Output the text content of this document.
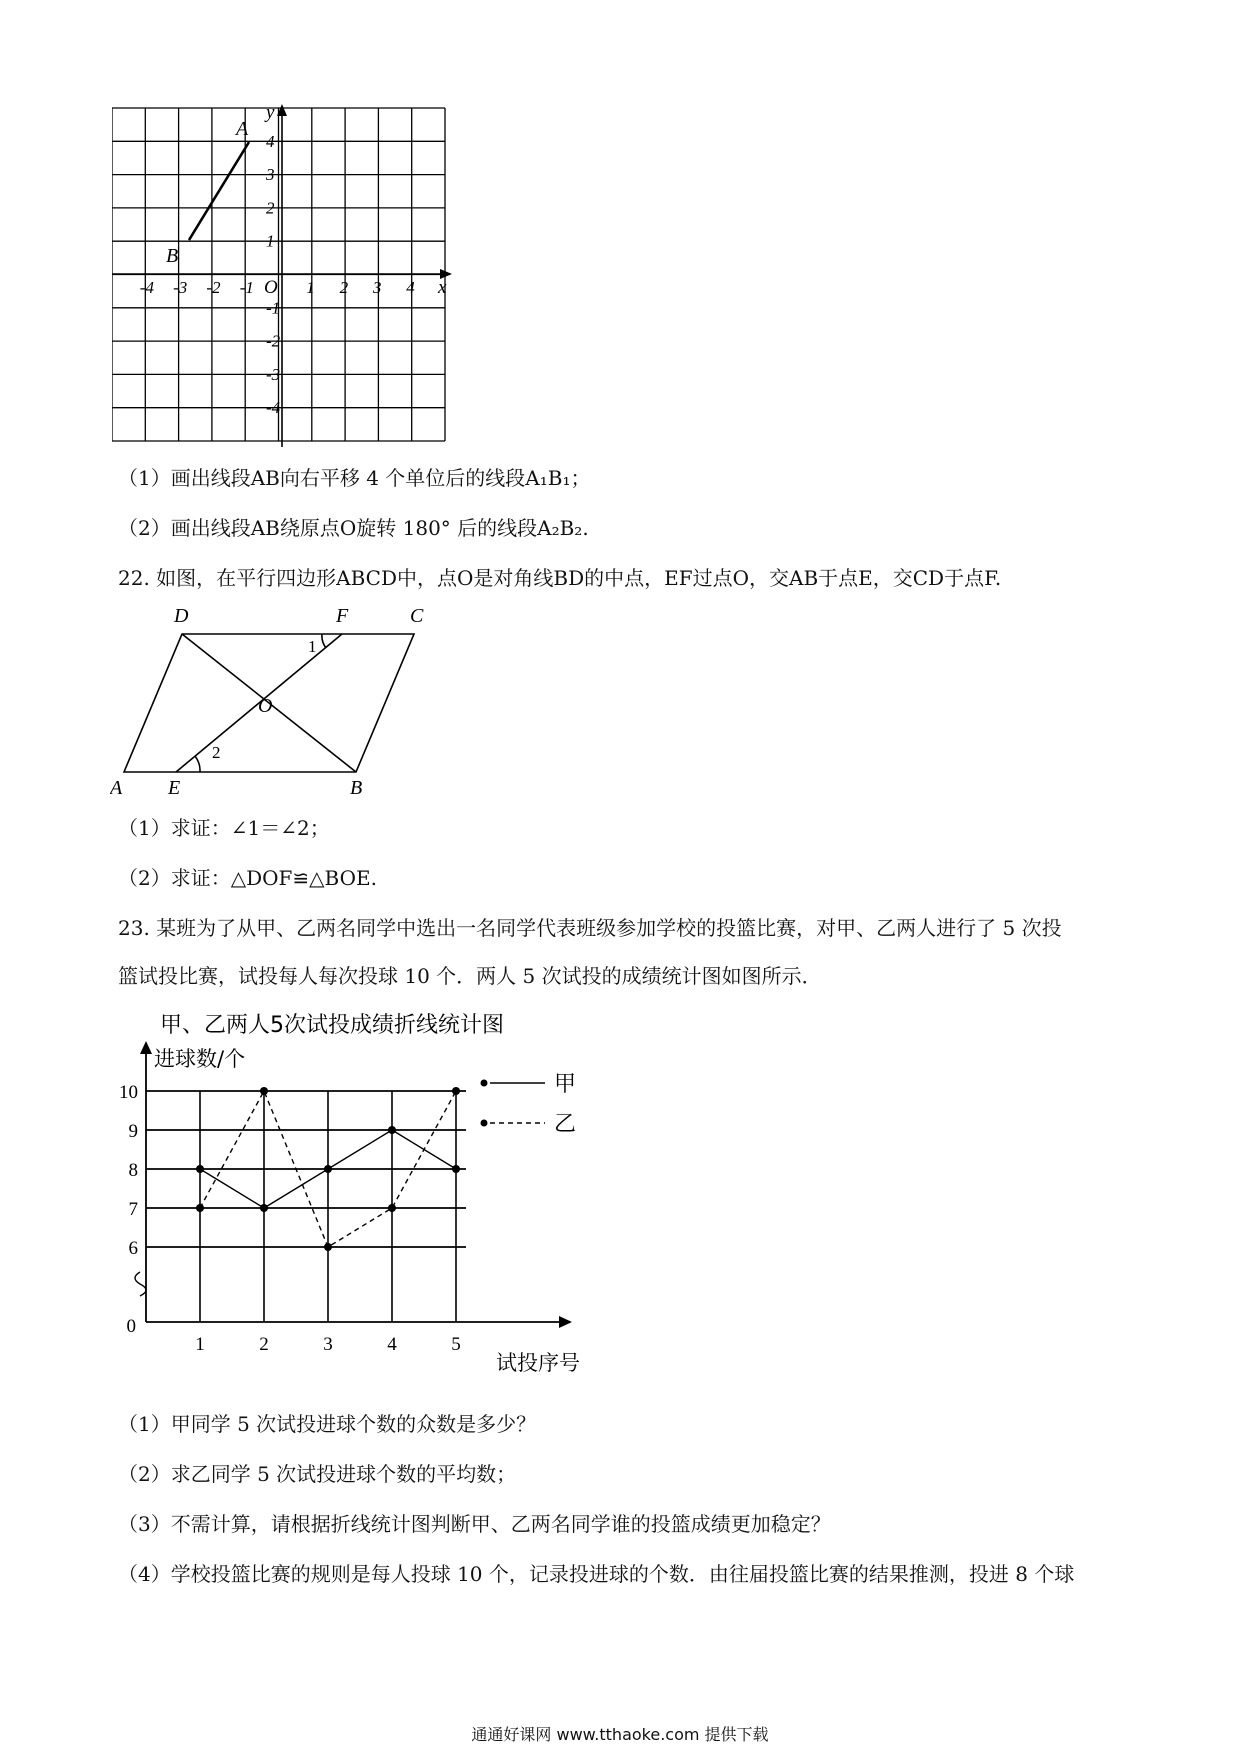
A
B
y
x
O
-4 -3 -2 -1	1 2 3 4
4
3
2
1
-1
-2
-3
-4
（1）画出线段AB向右平移 4 个单位后的线段A₁B₁；
（2）画出线段AB绕原点O旋转 180° 后的线段A₂B₂.
22. 如图，在平行四边形ABCD中，点O是对角线BD的中点，EF过点O，交AB于点E，交CD于点F.
D	F	C
O
A E	B
1
2
（1）求证：∠1＝∠2；
（2）求证：△DOF≌△BOE.
23. 某班为了从甲、乙两名同学中选出一名同学代表班级参加学校的投篮比赛，对甲、乙两人进行了 5 次投
篮试投比赛，试投每人每次投球 10 个．两人 5 次试投的成绩统计图如图所示．
甲、乙两人5次试投成绩折线统计图
进球数/个
试投序号
6
7
8
9
10
0
1	2	3	4	5
甲
乙
（1）甲同学 5 次试投进球个数的众数是多少？
（2）求乙同学 5 次试投进球个数的平均数；
（3）不需计算，请根据折线统计图判断甲、乙两名同学谁的投篮成绩更加稳定？
（4）学校投篮比赛的规则是每人投球 10 个，记录投进球的个数．由往届投篮比赛的结果推测，投进 8 个球
通通好课网 www.tthaoke.com 提供下载
